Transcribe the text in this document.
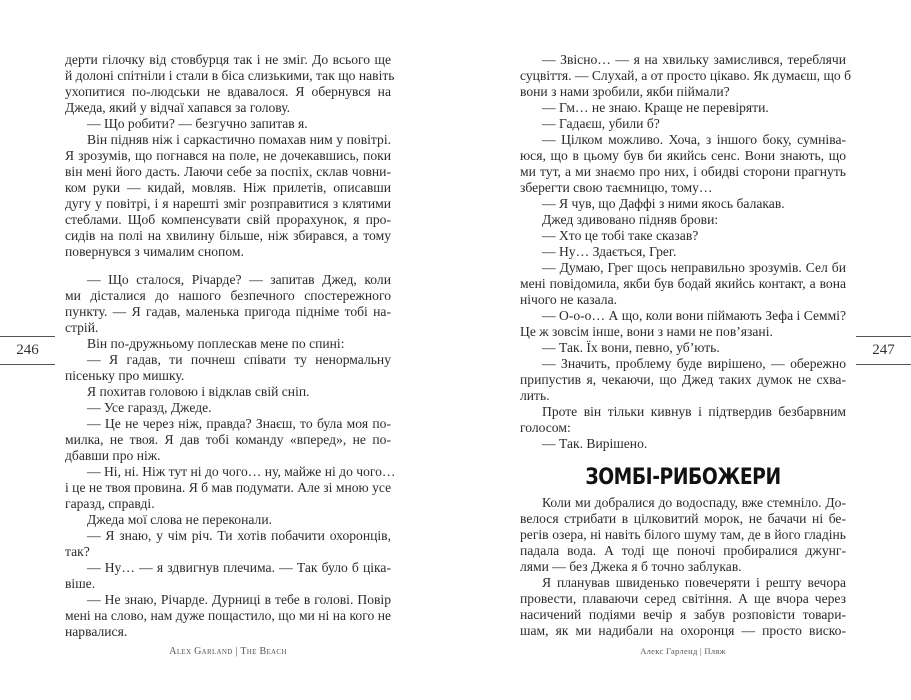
дерти гілочку від стовбурця так і не зміг. До всього ще
й долоні спітніли і стали в біса слизькими, так що навіть
ухопитися по-людськи не вдавалося. Я обернувся на
Джеда, який у відчаї хапався за голову.
— Що робити? — безгучно запитав я.
Він підняв ніж і саркастично помахав ним у повітрі.
Я зрозумів, що погнався на поле, не дочекавшись, поки
він мені його дасть. Лаючи себе за поспіх, склав човни-
ком руки — кидай, мовляв. Ніж прилетів, описавши
дугу у повітрі, і я нарешті зміг розправитися з клятими
стеблами. Щоб компенсувати свій прорахунок, я про-
сидів на полі на хвилину більше, ніж збирався, а тому
повернувся з чималим снопом.
— Що сталося, Річарде? — запитав Джед, коли
ми дісталися до нашого безпечного спостережного
пункту. — Я гадав, маленька пригода підніме тобі на-
стрій.
Він по-дружньому поплескав мене по спині:
— Я гадав, ти почнеш співати ту ненормальну
пісеньку про мишку.
Я похитав головою і відклав свій сніп.
— Усе гаразд, Джеде.
— Це не через ніж, правда? Знаєш, то була моя по-
милка, не твоя. Я дав тобі команду «вперед», не по-
дбавши про ніж.
— Ні, ні. Ніж тут ні до чого… ну, майже ні до чого…
і це не твоя провина. Я б мав подумати. Але зі мною усе
гаразд, справді.
Джеда мої слова не переконали.
— Я знаю, у чім річ. Ти хотів побачити охоронців,
так?
— Ну… — я здвигнув плечима. — Так було б ціка-
віше.
— Не знаю, Річарде. Дурниці в тебе в голові. Повір
мені на слово, нам дуже пощастило, що ми ні на кого не
нарвалися.
246
Alex Garland | The Beach
— Звісно… — я на хвильку замислився, тереблячи
суцвіття. — Слухай, а от просто цікаво. Як думаєш, що б
вони з нами зробили, якби піймали?
— Гм… не знаю. Краще не перевіряти.
— Гадаєш, убили б?
— Цілком можливо. Хоча, з іншого боку, сумніва-
юся, що в цьому був би якийсь сенс. Вони знають, що
ми тут, а ми знаємо про них, і обидві сторони прагнуть
зберегти свою таємницю, тому…
— Я чув, що Даффі з ними якось балакав.
Джед здивовано підняв брови:
— Хто це тобі таке сказав?
— Ну… Здається, Грег.
— Думаю, Грег щось неправильно зрозумів. Сел би
мені повідомила, якби був бодай якийсь контакт, а вона
нічого не казала.
— О-о-о… А що, коли вони піймають Зефа і Семмі?
Це ж зовсім інше, вони з нами не пов’язані.
— Так. Їх вони, певно, уб’ють.
— Значить, проблему буде вирішено, — обережно
припустив я, чекаючи, що Джед таких думок не схва-
лить.
Проте він тільки кивнув і підтвердив безбарвним
голосом:
— Так. Вирішено.
ЗОМБІ-РИБОЖЕРИ
Коли ми добралися до водоспаду, вже стемніло. До-
велося стрибати в цілковитий морок, не бачачи ні бе-
регів озера, ні навіть білого шуму там, де в його гладінь
падала вода. А тоді ще поночі пробиралися джунг-
лями — без Джека я б точно заблукав.
Я планував швиденько повечеряти і решту вечора
провести, плаваючи серед світіння. А ще вчора через
насичений подіями вечір я забув розповісти товари-
шам, як ми надибали на охоронця — просто виско-
247
Алекс Гарленд | Пляж
